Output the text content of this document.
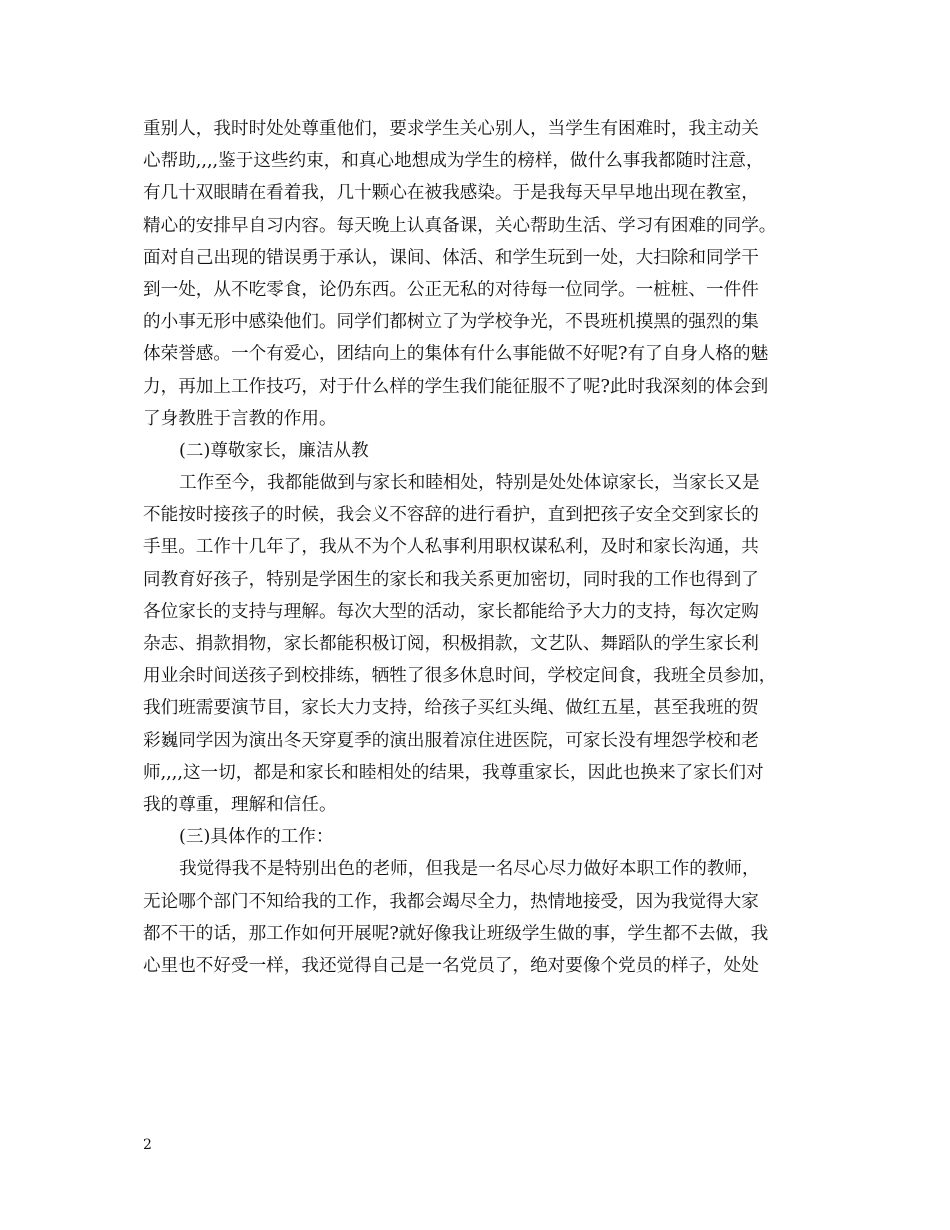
重别人，我时时处处尊重他们，要求学生关心别人，当学生有困难时，我主动关
心帮助,,,,鉴于这些约束，和真心地想成为学生的榜样，做什么事我都随时注意，
有几十双眼睛在看着我，几十颗心在被我感染。于是我每天早早地出现在教室，
精心的安排早自习内容。每天晚上认真备课，关心帮助生活、学习有困难的同学。
面对自己出现的错误勇于承认，课间、体活、和学生玩到一处，大扫除和同学干
到一处，从不吃零食，论仍东西。公正无私的对待每一位同学。一桩桩、一件件
的小事无形中感染他们。同学们都树立了为学校争光，不畏班机摸黑的强烈的集
体荣誉感。一个有爱心，团结向上的集体有什么事能做不好呢?有了自身人格的魅
力，再加上工作技巧，对于什么样的学生我们能征服不了呢?此时我深刻的体会到
了身教胜于言教的作用。
(二)尊敬家长，廉洁从教
工作至今，我都能做到与家长和睦相处，特别是处处体谅家长，当家长又是
不能按时接孩子的时候，我会义不容辞的进行看护，直到把孩子安全交到家长的
手里。工作十几年了，我从不为个人私事利用职权谋私利，及时和家长沟通，共
同教育好孩子，特别是学困生的家长和我关系更加密切，同时我的工作也得到了
各位家长的支持与理解。每次大型的活动，家长都能给予大力的支持，每次定购
杂志、捐款捐物，家长都能积极订阅，积极捐款，文艺队、舞蹈队的学生家长利
用业余时间送孩子到校排练，牺牲了很多休息时间，学校定间食，我班全员参加，
我们班需要演节目，家长大力支持，给孩子买红头绳、做红五星，甚至我班的贺
彩巍同学因为演出冬天穿夏季的演出服着凉住进医院，可家长没有埋怨学校和老
师,,,,这一切，都是和家长和睦相处的结果，我尊重家长，因此也换来了家长们对
我的尊重，理解和信任。
(三)具体作的工作：
我觉得我不是特别出色的老师，但我是一名尽心尽力做好本职工作的教师，
无论哪个部门不知给我的工作，我都会竭尽全力，热情地接受，因为我觉得大家
都不干的话，那工作如何开展呢?就好像我让班级学生做的事，学生都不去做，我
心里也不好受一样，我还觉得自己是一名党员了，绝对要像个党员的样子，处处
2
